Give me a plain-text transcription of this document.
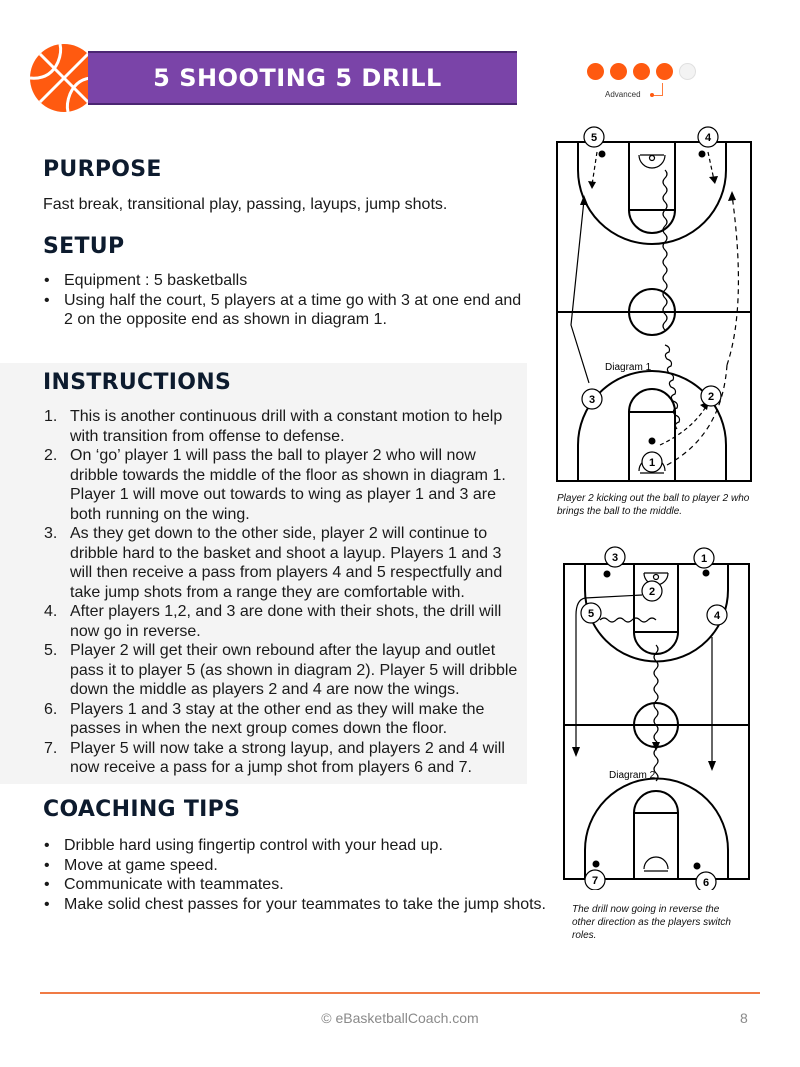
5 SHOOTING 5 DRILL
Advanced
PURPOSE
Fast break, transitional play, passing, layups, jump shots.
SETUP
• Equipment : 5 basketballs
• Using half the court, 5 players at a time go with 3 at one end and 2 on the opposite end as shown in diagram 1.
INSTRUCTIONS
1. This is another continuous drill with a constant motion to help with transition from offense to defense.
2. On ‘go’ player 1 will pass the ball to player 2 who will now dribble towards the middle of the floor as shown in diagram 1. Player 1 will move out towards to wing as player 1 and 3 are both running on the wing.
3. As they get down to the other side, player 2 will continue to dribble hard to the basket and shoot a layup. Players 1 and 3 will then receive a pass from players 4 and 5 respectfully and take jump shots from a range they are comfortable with.
4. After players 1,2, and 3 are done with their shots, the drill will now go in reverse.
5. Player 2 will get their own rebound after the layup and outlet pass it to player 5 (as shown in diagram 2). Player 5 will dribble down the middle as players 2 and 4 are now the wings.
6. Players 1 and 3 stay at the other end as they will make the passes in when the next group comes down the floor.
7. Player 5 will now take a strong layup, and players 2 and 4 will now receive a pass for a jump shot from players 6 and 7.
COACHING TIPS
• Dribble hard using fingertip control with your head up.
• Move at game speed.
• Communicate with teammates.
• Make solid chest passes for your teammates to take the jump shots.
5	4
3	2
1
Diagram 1
Player 2 kicking out the ball to player 2 who brings the ball to the middle.
3	1
2
5	4
7	6
Diagram 2
The drill now going in reverse the other direction as the players switch roles.
© eBasketballCoach.com	8
